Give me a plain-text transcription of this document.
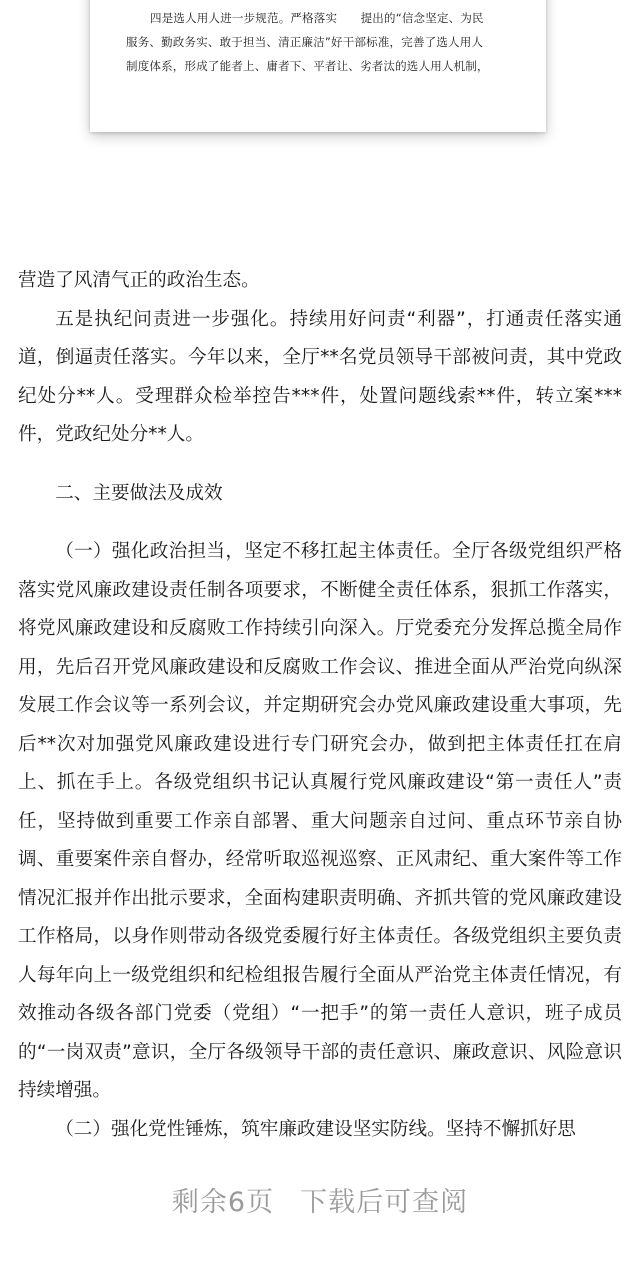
四是选人用人进一步规范。严格落实　　提出的“信念坚定、为民

服务、勤政务实、敢于担当、清正廉洁”好干部标准，完善了选人用人

制度体系，形成了能者上、庸者下、平者让、劣者汰的选人用人机制，

营造了风清气正的政治生态。

五是执纪问责进一步强化。持续用好问责“利器”，打通责任落实通道，倒逼责任落实。今年以来，全厅**名党员领导干部被问责，其中党政纪处分**人。受理群众检举控告***件，处置问题线索**件，转立案***件，党政纪处分**人。

二、主要做法及成效

（一）强化政治担当，坚定不移扛起主体责任。全厅各级党组织严格落实党风廉政建设责任制各项要求，不断健全责任体系，狠抓工作落实，将党风廉政建设和反腐败工作持续引向深入。厅党委充分发挥总揽全局作用，先后召开党风廉政建设和反腐败工作会议、推进全面从严治党向纵深发展工作会议等一系列会议，并定期研究会办党风廉政建设重大事项，先后**次对加强党风廉政建设进行专门研究会办，做到把主体责任扛在肩上、抓在手上。各级党组织书记认真履行党风廉政建设“第一责任人”责任，坚持做到重要工作亲自部署、重大问题亲自过问、重点环节亲自协调、重要案件亲自督办，经常听取巡视巡察、正风肃纪、重大案件等工作情况汇报并作出批示要求，全面构建职责明确、齐抓共管的党风廉政建设工作格局，以身作则带动各级党委履行好主体责任。各级党组织主要负责人每年向上一级党组织和纪检组报告履行全面从严治党主体责任情况，有效推动各级各部门党委（党组）“一把手”的第一责任人意识，班子成员的“一岗双责”意识，全厅各级领导干部的责任意识、廉政意识、风险意识持续增强。

（二）强化党性锤炼，筑牢廉政建设坚实防线。坚持不懈抓好思

剩余6页 下载后可查阅
